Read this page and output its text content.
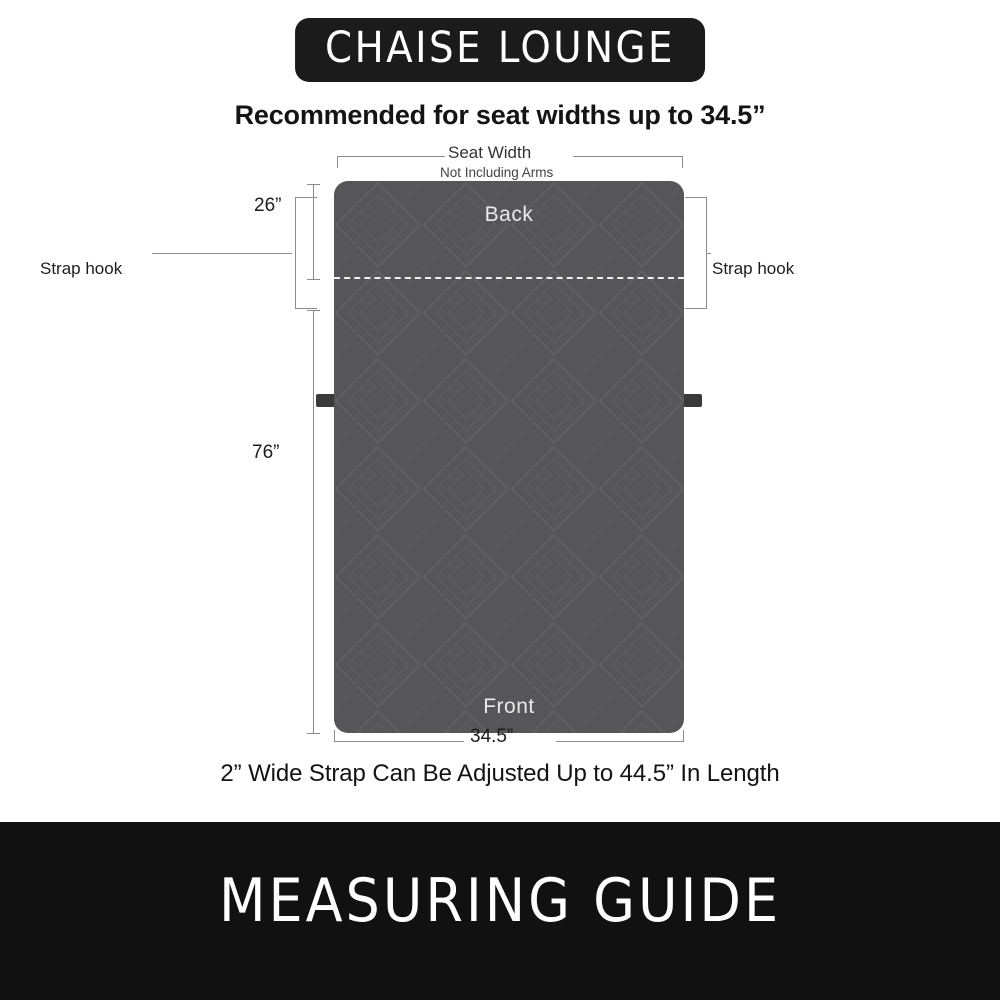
CHAISE LOUNGE
Recommended for seat widths up to 34.5”
Seat Width
Not Including Arms
26”
76”
Strap hook	Strap hook
Back
Front
34.5”
2” Wide Strap Can Be Adjusted Up to 44.5” In Length
MEASURING GUIDE
